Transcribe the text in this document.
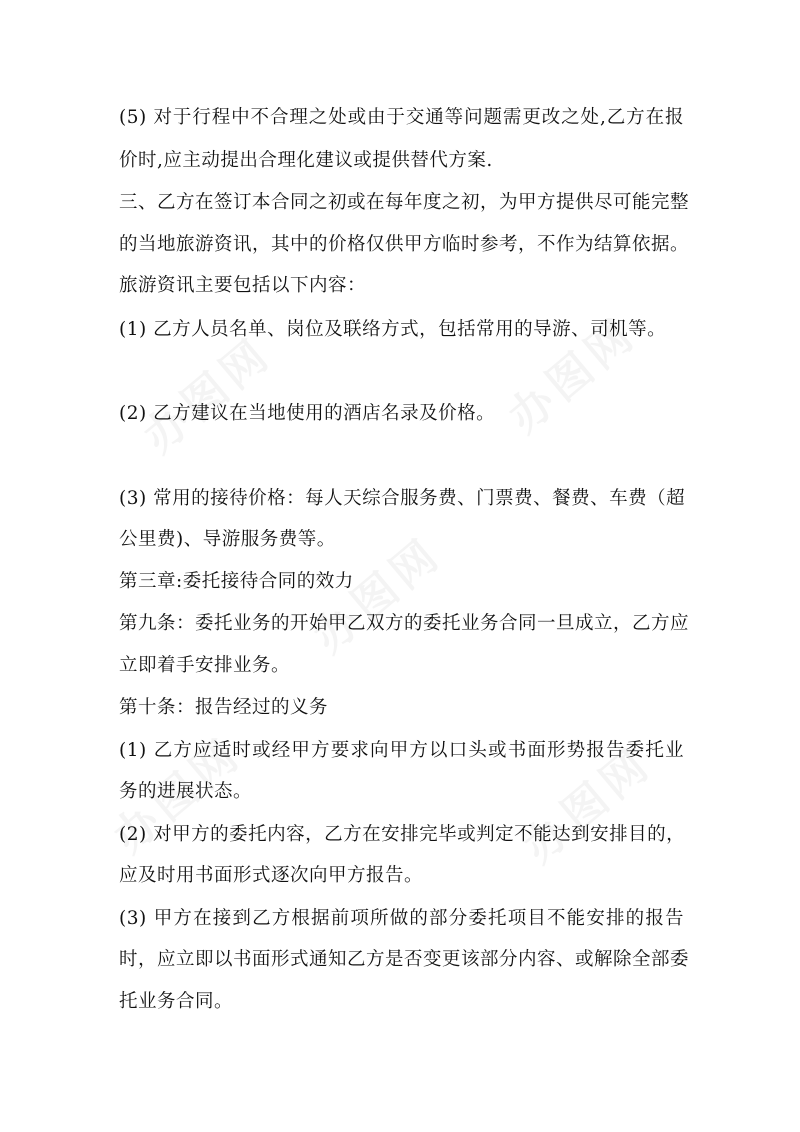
(5) 对于行程中不合理之处或由于交通等问题需更改之处,乙方在报
价时,应主动提出合理化建议或提供替代方案.
三、乙方在签订本合同之初或在每年度之初，为甲方提供尽可能完整
的当地旅游资讯，其中的价格仅供甲方临时参考，不作为结算依据。
旅游资讯主要包括以下内容：
(1) 乙方人员名单、岗位及联络方式，包括常用的导游、司机等。
(2) 乙方建议在当地使用的酒店名录及价格。
(3) 常用的接待价格：每人天综合服务费、门票费、餐费、车费（超
公里费)、导游服务费等。
第三章:委托接待合同的效力
第九条：委托业务的开始甲乙双方的委托业务合同一旦成立，乙方应
立即着手安排业务。
第十条：报告经过的义务
(1) 乙方应适时或经甲方要求向甲方以口头或书面形势报告委托业
务的进展状态。
(2) 对甲方的委托内容，乙方在安排完毕或判定不能达到安排目的，
应及时用书面形式逐次向甲方报告。
(3) 甲方在接到乙方根据前项所做的部分委托项目不能安排的报告
时，应立即以书面形式通知乙方是否变更该部分内容、或解除全部委
托业务合同。
